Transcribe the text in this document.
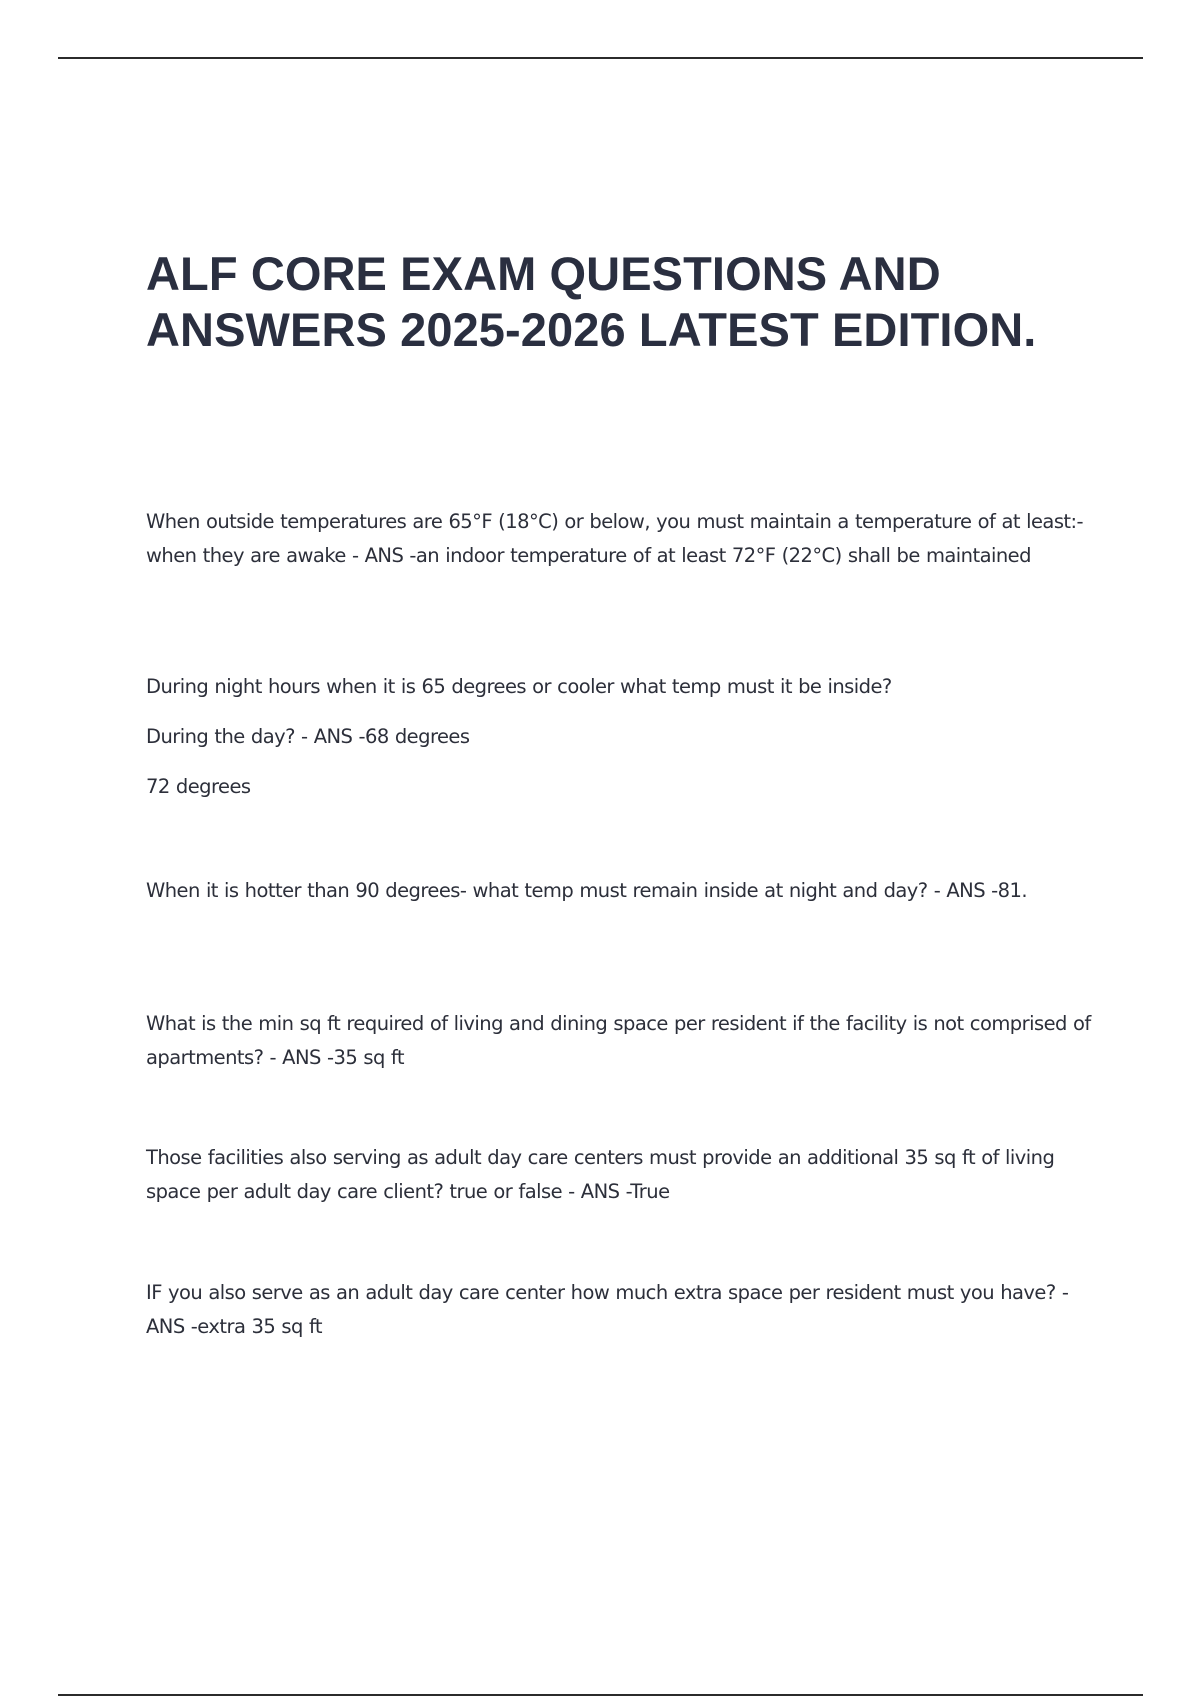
ALF CORE EXAM QUESTIONS AND ANSWERS 2025-2026 LATEST EDITION.

When outside temperatures are 65°F (18°C) or below, you must maintain a temperature of at least:- when they are awake - ANS -an indoor temperature of at least 72°F (22°C) shall be maintained

During night hours when it is 65 degrees or cooler what temp must it be inside?

During the day? - ANS -68 degrees

72 degrees

When it is hotter than 90 degrees- what temp must remain inside at night and day? - ANS -81.

What is the min sq ft required of living and dining space per resident if the facility is not comprised of apartments? - ANS -35 sq ft

Those facilities also serving as adult day care centers must provide an additional 35 sq ft of living space per adult day care client? true or false - ANS -True

IF you also serve as an adult day care center how much extra space per resident must you have? - ANS -extra 35 sq ft
